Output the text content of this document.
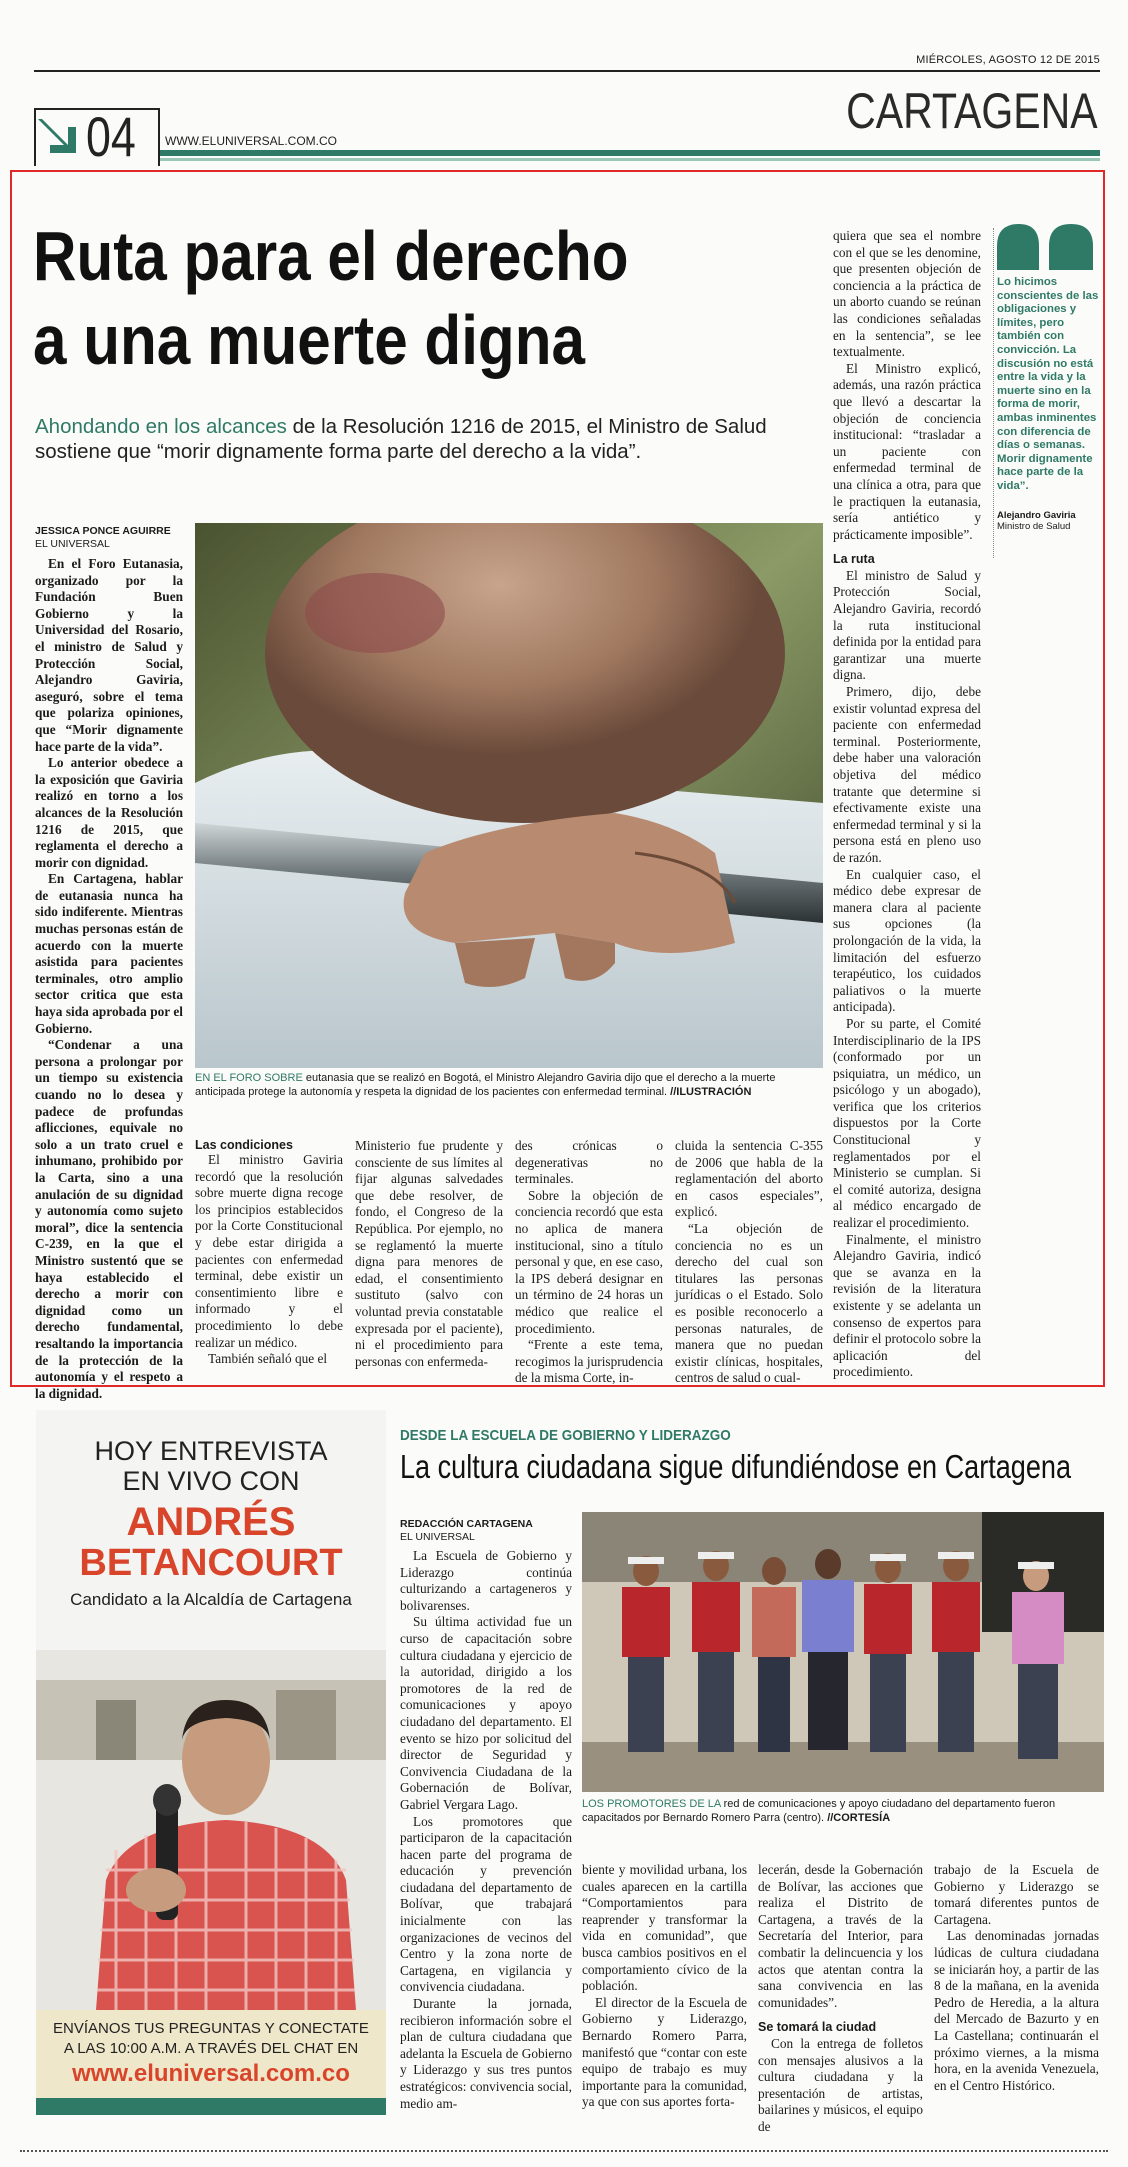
MIÉRCOLES, AGOSTO 12 DE 2015
CARTAGENA
04 WWW.ELUNIVERSAL.COM.CO
Ruta para el derecho
a una muerte digna
Ahondando en los alcances de la Resolución 1216 de 2015, el Ministro de Salud sostiene que “morir dignamente forma parte del derecho a la vida”.
JESSICA PONCE AGUIRRE
EL UNIVERSAL

En el Foro Eutanasia, organizado por la Fundación Buen Gobierno y la Universidad del Rosario, el ministro de Salud y Protección Social, Alejandro Gaviria, aseguró, sobre el tema que polariza opiniones, que “Morir dignamente hace parte de la vida”.

Lo anterior obedece a la exposición que Gaviria realizó en torno a los alcances de la Resolución 1216 de 2015, que reglamenta el derecho a morir con dignidad.

En Cartagena, hablar de eutanasia nunca ha sido indiferente. Mientras muchas personas están de acuerdo con la muerte asistida para pacientes terminales, otro amplio sector critica que esta haya sida aprobada por el Gobierno.

“Condenar a una persona a prolongar por un tiempo su existencia cuando no lo desea y padece de profundas aflicciones, equivale no solo a un trato cruel e inhumano, prohibido por la Carta, sino a una anulación de su dignidad y autonomía como sujeto moral”, dice la sentencia C-239, en la que el Ministro sustentó que se haya establecido el derecho a morir con dignidad como un derecho fundamental, resaltando la importancia de la protección de la autonomía y el respeto a la dignidad.

EN EL FORO SOBRE eutanasia que se realizó en Bogotá, el Ministro Alejandro Gaviria dijo que el derecho a la muerte anticipada protege la autonomía y respeta la dignidad de los pacientes con enfermedad terminal. //ILUSTRACIÓN
Las condiciones

El ministro Gaviria recordó que la resolución sobre muerte digna recoge los principios establecidos por la Corte Constitucional y debe estar dirigida a pacientes con enfermedad terminal, debe existir un consentimiento libre e informado y el procedimiento lo debe realizar un médico.

También señaló que el

Ministerio fue prudente y consciente de sus límites al fijar algunas salvedades que debe resolver, de fondo, el Congreso de la República. Por ejemplo, no se reglamentó la muerte digna para menores de edad, el consentimiento sustituto (salvo con voluntad previa constatable expresada por el paciente), ni el procedimiento para personas con enfermeda-

des crónicas o degenerativas no terminales.

Sobre la objeción de conciencia recordó que esta no aplica de manera institucional, sino a título personal y que, en ese caso, la IPS deberá designar en un término de 24 horas un médico que realice el procedimiento.

“Frente a este tema, recogimos la jurisprudencia de la misma Corte, in-

cluida la sentencia C-355 de 2006 que habla de la reglamentación del aborto en casos especiales”, explicó.

“La objeción de conciencia no es un derecho del cual son titulares las personas jurídicas o el Estado. Solo es posible reconocerlo a personas naturales, de manera que no puedan existir clínicas, hospitales, centros de salud o cual-

quiera que sea el nombre con el que se les denomine, que presenten objeción de conciencia a la práctica de un aborto cuando se reúnan las condiciones señaladas en la sentencia”, se lee textualmente.

El Ministro explicó, además, una razón práctica que llevó a descartar la objeción de conciencia institucional: “trasladar a un paciente con enfermedad terminal de una clínica a otra, para que le practiquen la eutanasia, sería antiético y prácticamente imposible”.

La ruta

El ministro de Salud y Protección Social, Alejandro Gaviria, recordó la ruta institucional definida por la entidad para garantizar una muerte digna.

Primero, dijo, debe existir voluntad expresa del paciente con enfermedad terminal. Posteriormente, debe haber una valoración objetiva del médico tratante que determine si efectivamente existe una enfermedad terminal y si la persona está en pleno uso de razón.

En cualquier caso, el médico debe expresar de manera clara al paciente sus opciones (la prolongación de la vida, la limitación del esfuerzo terapéutico, los cuidados paliativos o la muerte anticipada).

Por su parte, el Comité Interdisciplinario de la IPS (conformado por un psiquiatra, un médico, un psicólogo y un abogado), verifica que los criterios dispuestos por la Corte Constitucional y reglamentados por el Ministerio se cumplan. Si el comité autoriza, designa al médico encargado de realizar el procedimiento.

Finalmente, el ministro Alejandro Gaviria, indicó que se avanza en la revisión de la literatura existente y se adelanta un consenso de expertos para definir el protocolo sobre la aplicación del procedimiento.

Lo hicimos conscientes de las obligaciones y límites, pero también con convicción. La discusión no está entre la vida y la muerte sino en la forma de morir, ambas inminentes con diferencia de días o semanas. Morir dignamente hace parte de la vida”.
Alejandro Gaviria
Ministro de Salud
HOY ENTREVISTA
EN VIVO CON
ANDRÉS
BETANCOURT
Candidato a la Alcaldía de Cartagena
ENVÍANOS TUS PREGUNTAS Y CONECTATE
A LAS 10:00 A.M. A TRAVÉS DEL CHAT EN
www.eluniversal.com.co
DESDE LA ESCUELA DE GOBIERNO Y LIDERAZGO
La cultura ciudadana sigue difundiéndose en Cartagena
REDACCIÓN CARTAGENA
EL UNIVERSAL

La Escuela de Gobierno y Liderazgo continúa culturizando a cartageneros y bolivarenses.

Su última actividad fue un curso de capacitación sobre cultura ciudadana y ejercicio de la autoridad, dirigido a los promotores de la red de comunicaciones y apoyo ciudadano del departamento. El evento se hizo por solicitud del director de Seguridad y Convivencia Ciudadana de la Gobernación de Bolívar, Gabriel Vergara Lago.

Los promotores que participaron de la capacitación hacen parte del programa de educación y prevención ciudadana del departamento de Bolívar, que trabajará inicialmente con las organizaciones de vecinos del Centro y la zona norte de Cartagena, en vigilancia y convivencia ciudadana.

Durante la jornada, recibieron información sobre el plan de cultura ciudadana que adelanta la Escuela de Gobierno y Liderazgo y sus tres puntos estratégicos: convivencia social, medio am-

LOS PROMOTORES DE LA red de comunicaciones y apoyo ciudadano del departamento fueron capacitados por Bernardo Romero Parra (centro). //CORTESÍA

biente y movilidad urbana, los cuales aparecen en la cartilla “Comportamientos para reaprender y transformar la vida en comunidad”, que busca cambios positivos en el comportamiento cívico de la población.

El director de la Escuela de Gobierno y Liderazgo, Bernardo Romero Parra, manifestó que “contar con este equipo de trabajo es muy importante para la comunidad, ya que con sus aportes forta-

lecerán, desde la Gobernación de Bolívar, las acciones que realiza el Distrito de Cartagena, a través de la Secretaría del Interior, para combatir la delincuencia y los actos que atentan contra la sana convivencia en las comunidades”.

Se tomará la ciudad

Con la entrega de folletos con mensajes alusivos a la cultura ciudadana y la presentación de artistas, bailarines y músicos, el equipo de

trabajo de la Escuela de Gobierno y Liderazgo se tomará diferentes puntos de Cartagena.

Las denominadas jornadas lúdicas de cultura ciudadana se iniciarán hoy, a partir de las 8 de la mañana, en la avenida Pedro de Heredia, a la altura del Mercado de Bazurto y en La Castellana; continuarán el próximo viernes, a la misma hora, en la avenida Venezuela, en el Centro Histórico.
